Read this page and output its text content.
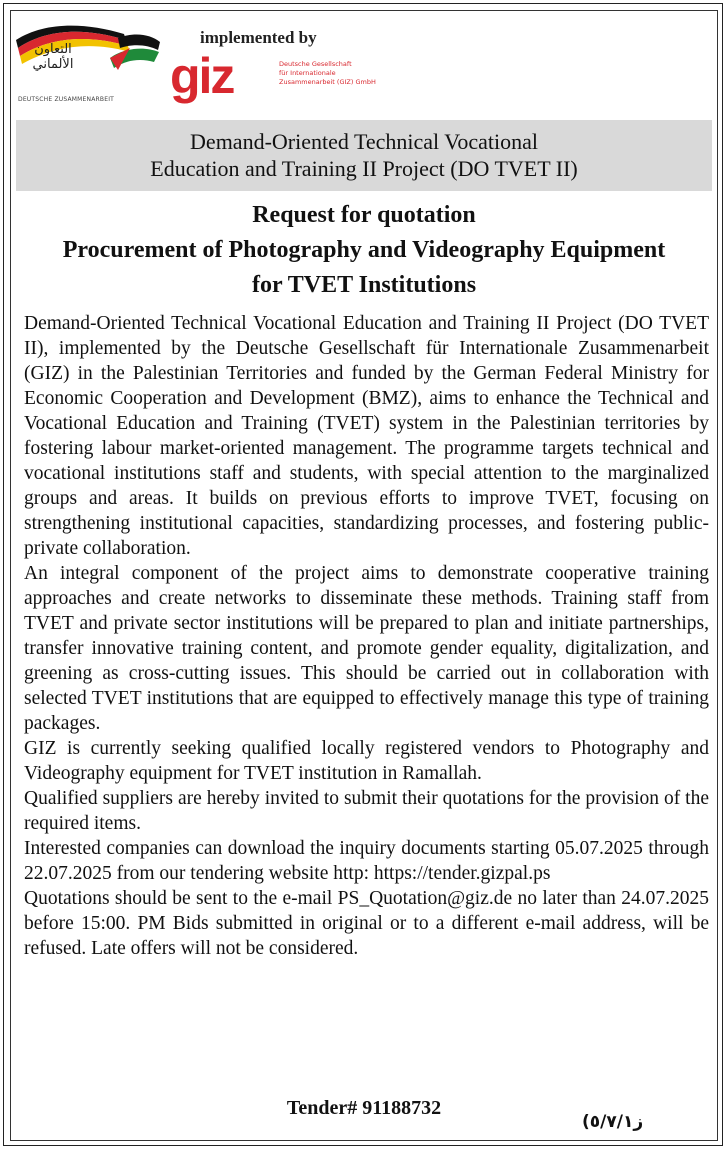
التعاون الألماني
DEUTSCHE ZUSAMMENARBEIT
implemented by
giz	Deutsche Gesellschaft
für Internationale
Zusammenarbeit (GIZ) GmbH
Demand-Oriented Technical Vocational
Education and Training II Project (DO TVET II)
Request for quotation
Procurement of Photography and Videography Equipment
for TVET Institutions

Demand-Oriented Technical Vocational Education and Training II Project (DO TVET II), implemented by the Deutsche Gesellschaft für Internationale Zusammenarbeit (GIZ) in the Palestinian Territories and funded by the German Federal Ministry for Economic Cooperation and Development (BMZ), aims to enhance the Technical and Vocational Education and Training (TVET) system in the Palestinian territories by fostering labour market-oriented management. The programme targets technical and vocational institutions staff and students, with special attention to the marginalized groups and areas. It builds on previous efforts to improve TVET, focusing on strengthening institutional capacities, standardizing processes, and fostering public-private collaboration.

An integral component of the project aims to demonstrate cooperative training approaches and create networks to disseminate these methods. Training staff from TVET and private sector institutions will be prepared to plan and initiate partnerships, transfer innovative training content, and promote gender equality, digitalization, and greening as cross-cutting issues. This should be carried out in collaboration with selected TVET institutions that are equipped to effectively manage this type of training packages.

GIZ is currently seeking qualified locally registered vendors to Photography and Videography equipment for TVET institution in Ramallah.

Qualified suppliers are hereby invited to submit their quotations for the provision of the required items.

Interested companies can download the inquiry documents starting 05.07.2025 through 22.07.2025 from our tendering website http: https://tender.gizpal.ps

Quotations should be sent to the e-mail PS_Quotation@giz.de no later than 24.07.2025 before 15:00. PM Bids submitted in original or to a different e-mail address, will be refused. Late offers will not be considered.

Tender# 91188732
ز٥/٧/١)
